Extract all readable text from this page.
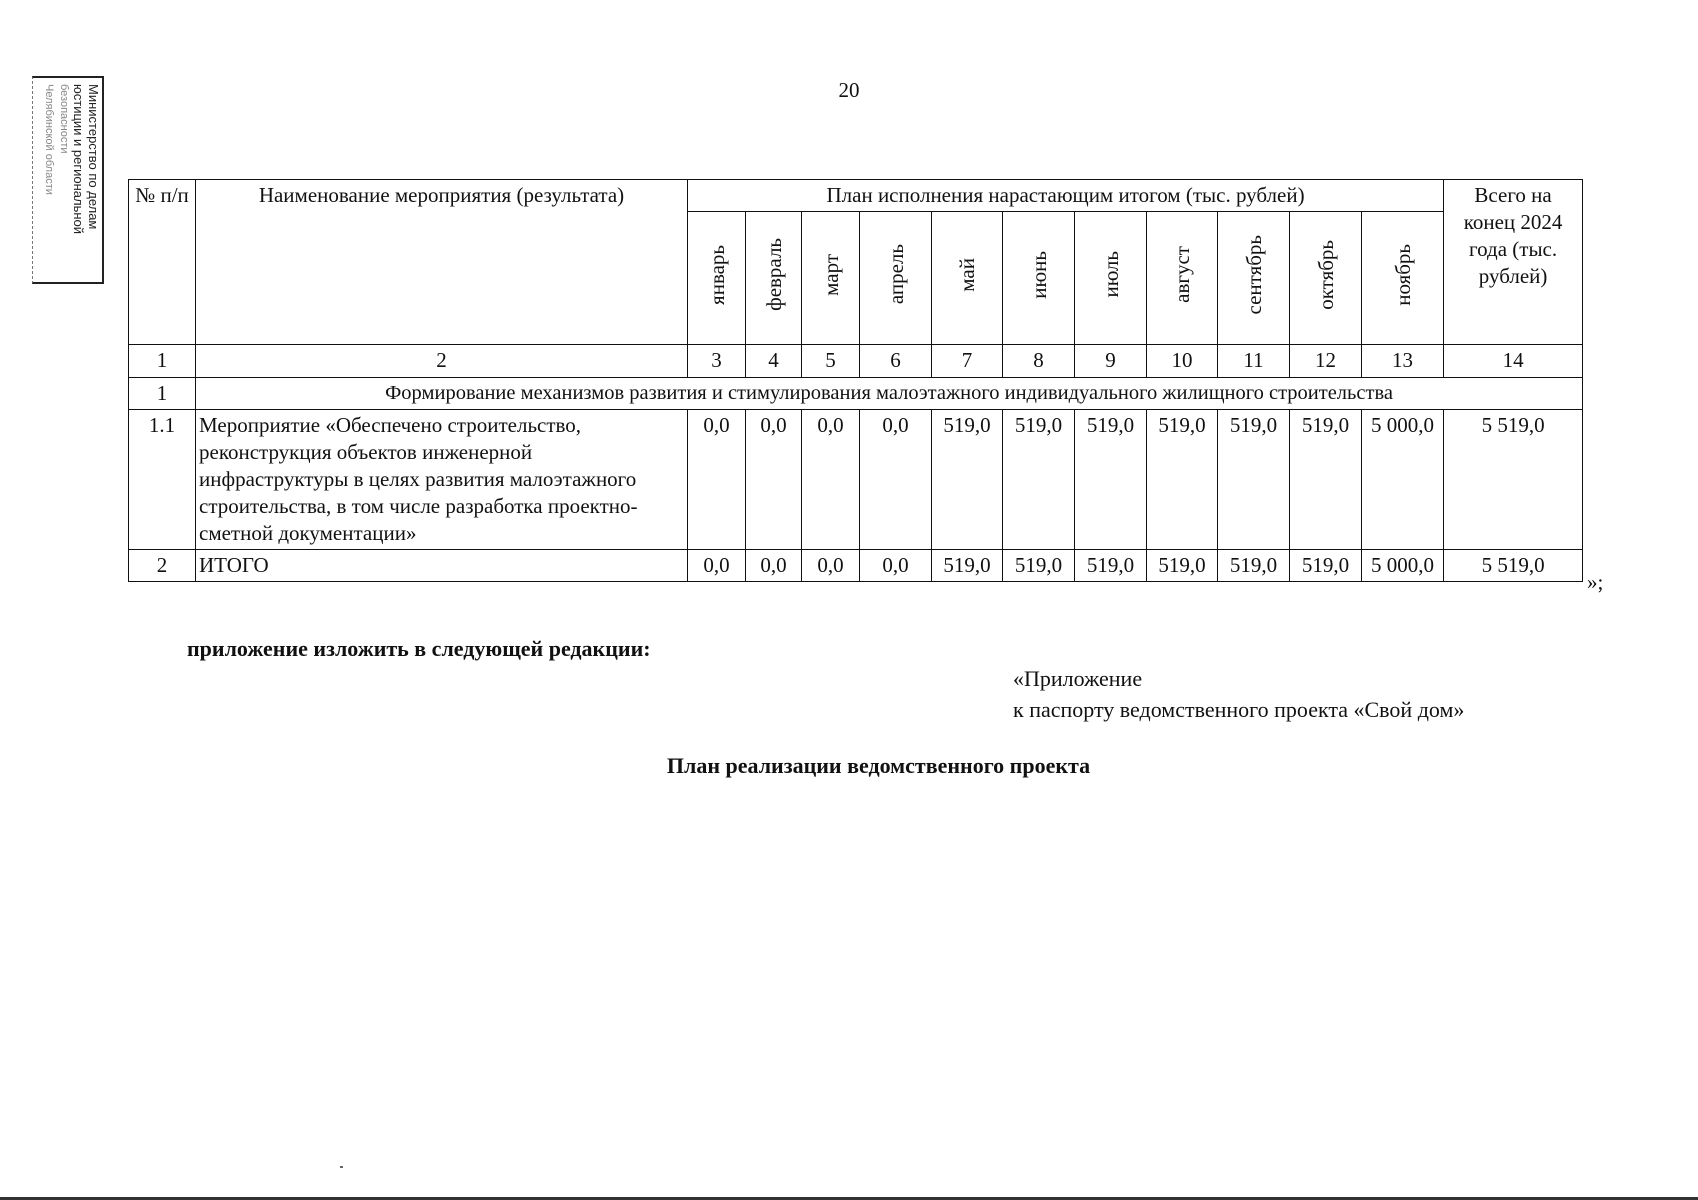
20
Министерство по делам
юстиции и региональной
безопасности
Челябинской области
№ п/п	Наименование мероприятия (результата)	План исполнения нарастающим итогом (тыс. рублей)											Всего на конец 2024 года (тыс. рублей)
		январь	февраль	март	апрель	май	июнь	июль	август	сентябрь	октябрь	ноябрь	
1	2	3	4	5	6	7	8	9	10	11	12	13	14
1	Формирование механизмов развития и стимулирования малоэтажного индивидуального жилищного строительства												
1.1	Мероприятие «Обеспечено строительство, реконструкция объектов инженерной инфраструктуры в целях развития малоэтажного строительства, в том числе разработка проектно-сметной документации»	0,0	0,0	0,0	0,0	519,0	519,0	519,0	519,0	519,0	519,0	5 000,0	5 519,0
2	ИТОГО	0,0	0,0	0,0	0,0	519,0	519,0	519,0	519,0	519,0	519,0	5 000,0	5 519,0
»;
приложение изложить в следующей редакции:
«Приложение
к паспорту ведомственного проекта «Свой дом»
План реализации ведомственного проекта
